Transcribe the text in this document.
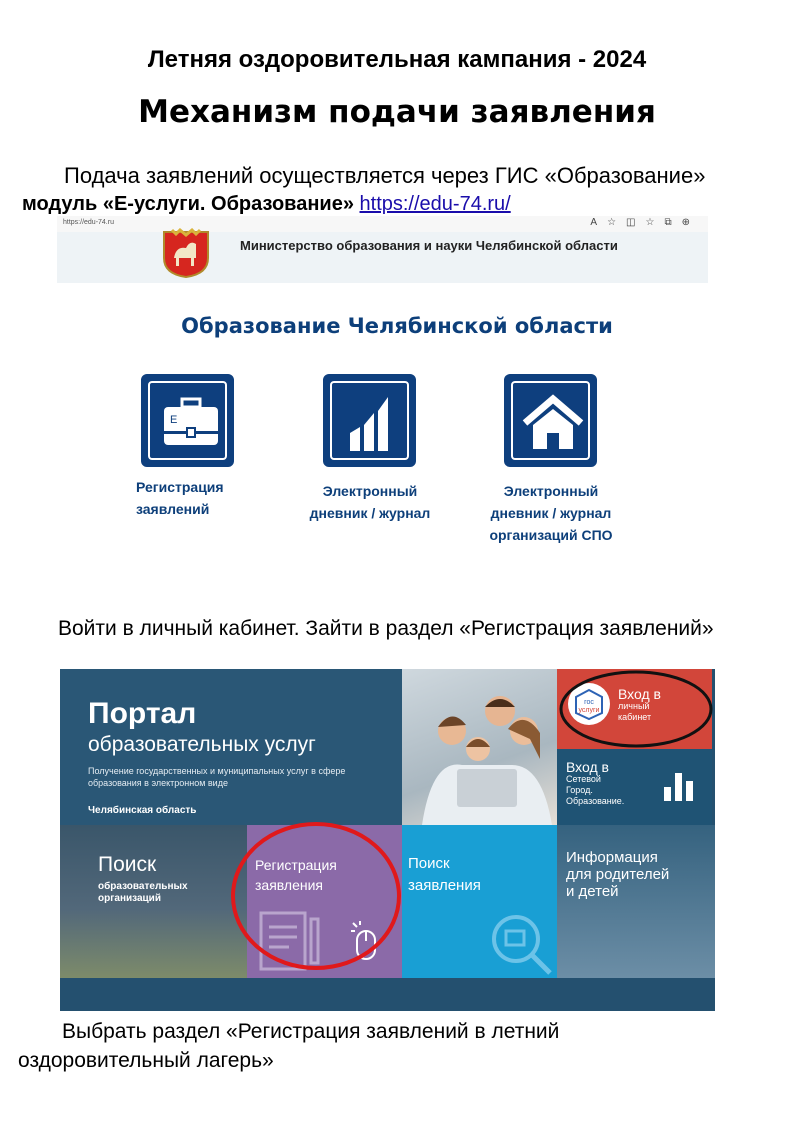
Летняя оздоровительная кампания - 2024
Механизм подачи заявления
Подача заявлений осуществляется через ГИС «Образование»
модуль «Е-услуги. Образование» https://edu-74.ru/
https://edu-74.ru	A☆◫☆⧉⊕
Министерство образования и науки Челябинской области
Образование Челябинской области
E
Регистрация
заявлений
Электронный
дневник / журнал
Электронный
дневник / журнал
организаций СПО
Войти в личный кабинет. Зайти в раздел «Регистрация заявлений»
Портал
образовательных услуг
Получение государственных и муниципальных услуг в сфере образования в электронном виде
Челябинская область
гос
услуги
Вход в
личный
кабинет
Вход в
Сетевой
Город.
Образование.
Поиск
образовательных
организаций
Регистрация
заявления
Поиск
заявления
Информация
для родителей
и детей
Выбрать раздел «Регистрация заявлений в летний
оздоровительный лагерь»
